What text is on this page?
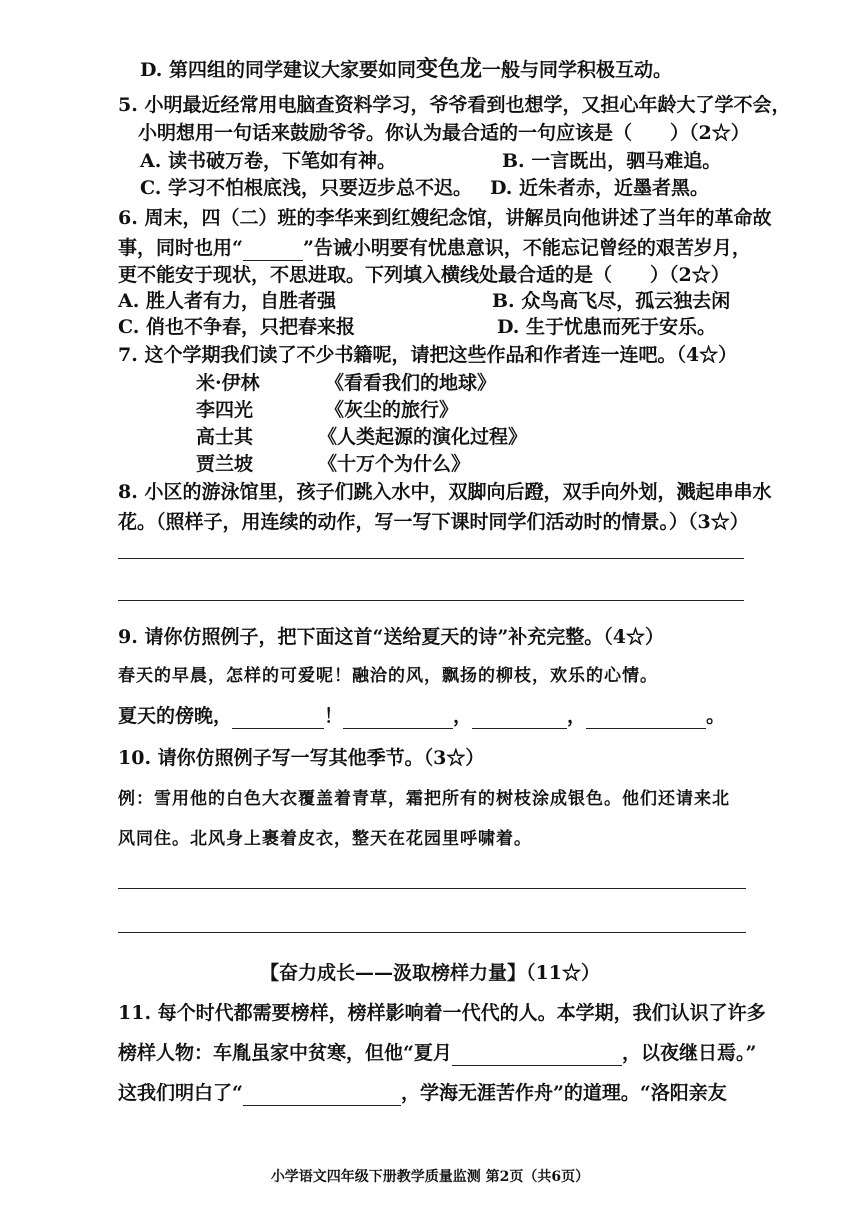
D. 第四组的同学建议大家要如同变色龙一般与同学积极互动。
5. 小明最近经常用电脑查资料学习，爷爷看到也想学，又担心年龄大了学不会，
小明想用一句话来鼓励爷爷。你认为最合适的一句应该是（　　）（2☆）
A. 读书破万卷，下笔如有神。	B. 一言既出，驷马难追。
C. 学习不怕根底浅，只要迈步总不迟。 D. 近朱者赤，近墨者黑。
6. 周末，四（二）班的李华来到红嫂纪念馆，讲解员向他讲述了当年的革命故
事，同时也用“	”告诫小明要有忧患意识，不能忘记曾经的艰苦岁月，
更不能安于现状，不思进取。下列填入横线处最合适的是（　　）（2☆）
A. 胜人者有力，自胜者强	B. 众鸟高飞尽，孤云独去闲
C. 俏也不争春，只把春来报	D. 生于忧患而死于安乐。
7. 这个学期我们读了不少书籍呢，请把这些作品和作者连一连吧。（4☆）
米·伊林	《看看我们的地球》
李四光	《灰尘的旅行》
高士其	《人类起源的演化过程》
贾兰坡	《十万个为什么》
8. 小区的游泳馆里，孩子们跳入水中，双脚向后蹬，双手向外划，溅起串串水
花。（照样子，用连续的动作，写一写下课时同学们活动时的情景。）（3☆）
9. 请你仿照例子，把下面这首“送给夏天的诗”补充完整。（4☆）
春天的早晨，怎样的可爱呢！融洽的风，飘扬的柳枝，欢乐的心情。
夏天的傍晚，	！	，	，	。
10. 请你仿照例子写一写其他季节。（3☆）
例：雪用他的白色大衣覆盖着青草，霜把所有的树枝涂成银色。他们还请来北
风同住。北风身上裹着皮衣，整天在花园里呼啸着。
【奋力成长——汲取榜样力量】（11☆）
11. 每个时代都需要榜样，榜样影响着一代代的人。本学期，我们认识了许多
榜样人物：车胤虽家中贫寒，但他“夏月	，以夜继日焉。”
这我们明白了“	，学海无涯苦作舟”的道理。“洛阳亲友
小学语文四年级下册教学质量监测 第2页（共6页）
